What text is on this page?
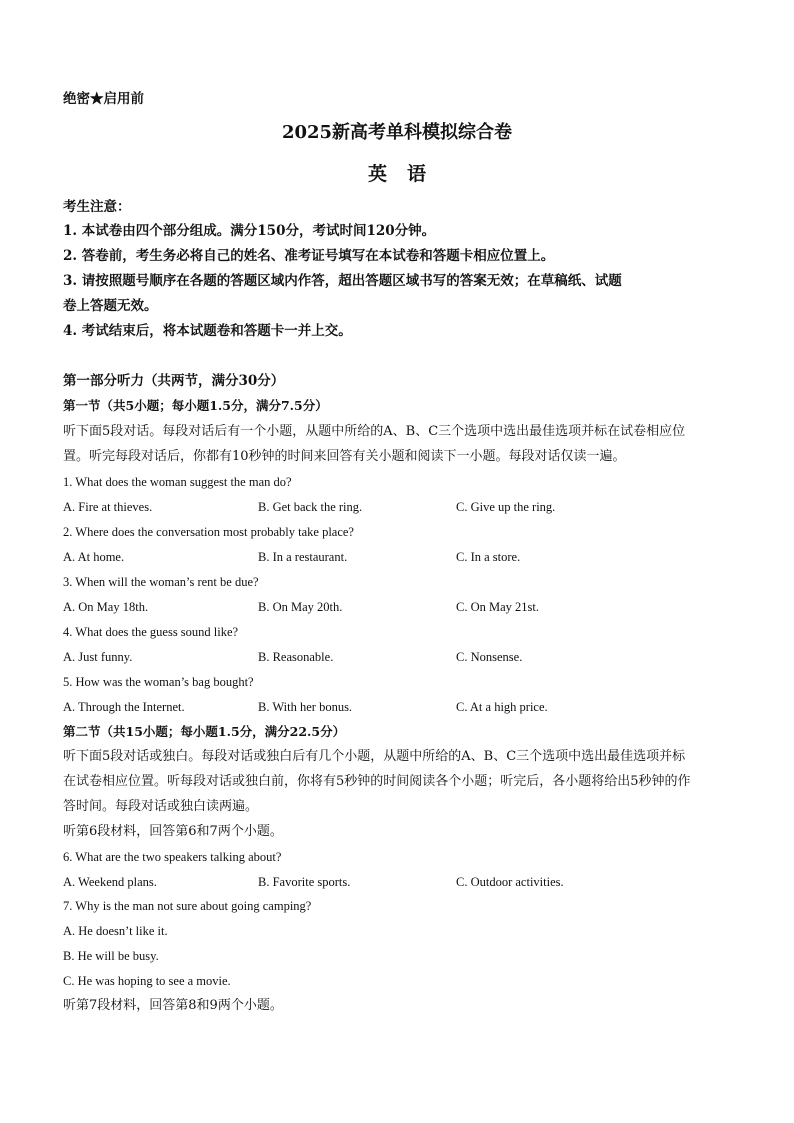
绝密★启用前
2025新高考单科模拟综合卷
英语
考生注意：
1. 本试卷由四个部分组成。满分150分，考试时间120分钟。
2. 答卷前，考生务必将自己的姓名、准考证号填写在本试卷和答题卡相应位置上。
3. 请按照题号顺序在各题的答题区域内作答，超出答题区域书写的答案无效；在草稿纸、试题
卷上答题无效。
4. 考试结束后，将本试题卷和答题卡一并上交。
第一部分听力（共两节，满分30分）
第一节（共5小题；每小题1.5分，满分7.5分）
听下面5段对话。每段对话后有一个小题，从题中所给的A、B、C三个选项中选出最佳选项并标在试卷相应位
置。听完每段对话后，你都有10秒钟的时间来回答有关小题和阅读下一小题。每段对话仅读一遍。
1. What does the woman suggest the man do?
A. Fire at thieves.	B. Get back the ring.	C. Give up the ring.
2. Where does the conversation most probably take place?
A. At home.	B. In a restaurant.	C. In a store.
3. When will the woman’s rent be due?
A. On May 18th.	B. On May 20th.	C. On May 21st.
4. What does the guess sound like?
A. Just funny.	B. Reasonable.	C. Nonsense.
5. How was the woman’s bag bought?
A. Through the Internet.	B. With her bonus.	C. At a high price.
第二节（共15小题；每小题1.5分，满分22.5分）
听下面5段对话或独白。每段对话或独白后有几个小题，从题中所给的A、B、C三个选项中选出最佳选项并标
在试卷相应位置。听每段对话或独白前，你将有5秒钟的时间阅读各个小题；听完后，各小题将给出5秒钟的作
答时间。每段对话或独白读两遍。
听第6段材料，回答第6和7两个小题。
6. What are the two speakers talking about?
A. Weekend plans.	B. Favorite sports.	C. Outdoor activities.
7. Why is the man not sure about going camping?
A. He doesn’t like it.
B. He will be busy.
C. He was hoping to see a movie.
听第7段材料，回答第8和9两个小题。
